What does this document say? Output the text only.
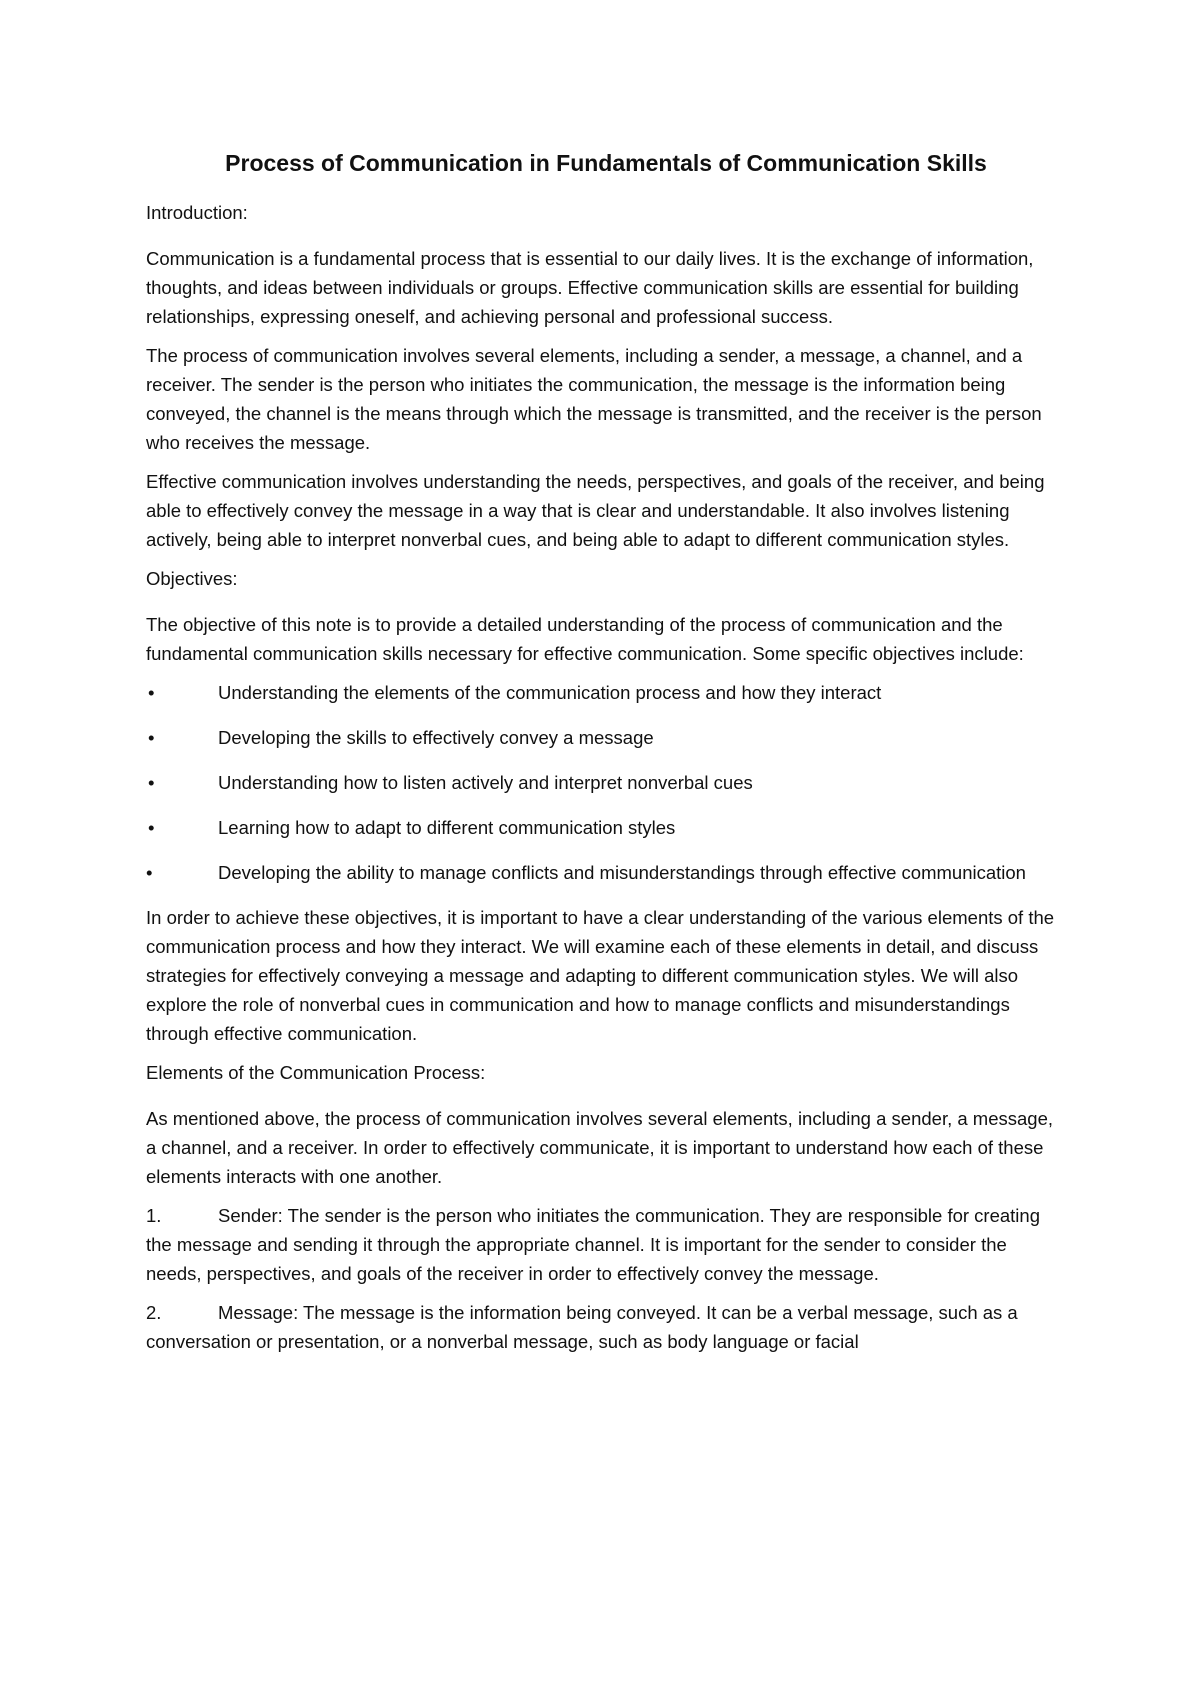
Process of Communication in Fundamentals of Communication Skills
Introduction:

Communication is a fundamental process that is essential to our daily lives. It is the exchange of information, thoughts, and ideas between individuals or groups. Effective communication skills are essential for building relationships, expressing oneself, and achieving personal and professional success.

The process of communication involves several elements, including a sender, a message, a channel, and a receiver. The sender is the person who initiates the communication, the message is the information being conveyed, the channel is the means through which the message is transmitted, and the receiver is the person who receives the message.

Effective communication involves understanding the needs, perspectives, and goals of the receiver, and being able to effectively convey the message in a way that is clear and understandable. It also involves listening actively, being able to interpret nonverbal cues, and being able to adapt to different communication styles.

Objectives:

The objective of this note is to provide a detailed understanding of the process of communication and the fundamental communication skills necessary for effective communication. Some specific objectives include:

•	Understanding the elements of the communication process and how they interact
•	Developing the skills to effectively convey a message
•	Understanding how to listen actively and interpret nonverbal cues
•	Learning how to adapt to different communication styles
•	Developing the ability to manage conflicts and misunderstandings through effective communication

In order to achieve these objectives, it is important to have a clear understanding of the various elements of the communication process and how they interact. We will examine each of these elements in detail, and discuss strategies for effectively conveying a message and adapting to different communication styles. We will also explore the role of nonverbal cues in communication and how to manage conflicts and misunderstandings through effective communication.

Elements of the Communication Process:

As mentioned above, the process of communication involves several elements, including a sender, a message, a channel, and a receiver. In order to effectively communicate, it is important to understand how each of these elements interacts with one another.

1.	Sender: The sender is the person who initiates the communication. They are responsible for creating the message and sending it through the appropriate channel. It is important for the sender to consider the needs, perspectives, and goals of the receiver in order to effectively convey the message.

2.	Message: The message is the information being conveyed. It can be a verbal message, such as a conversation or presentation, or a nonverbal message, such as body language or facial
